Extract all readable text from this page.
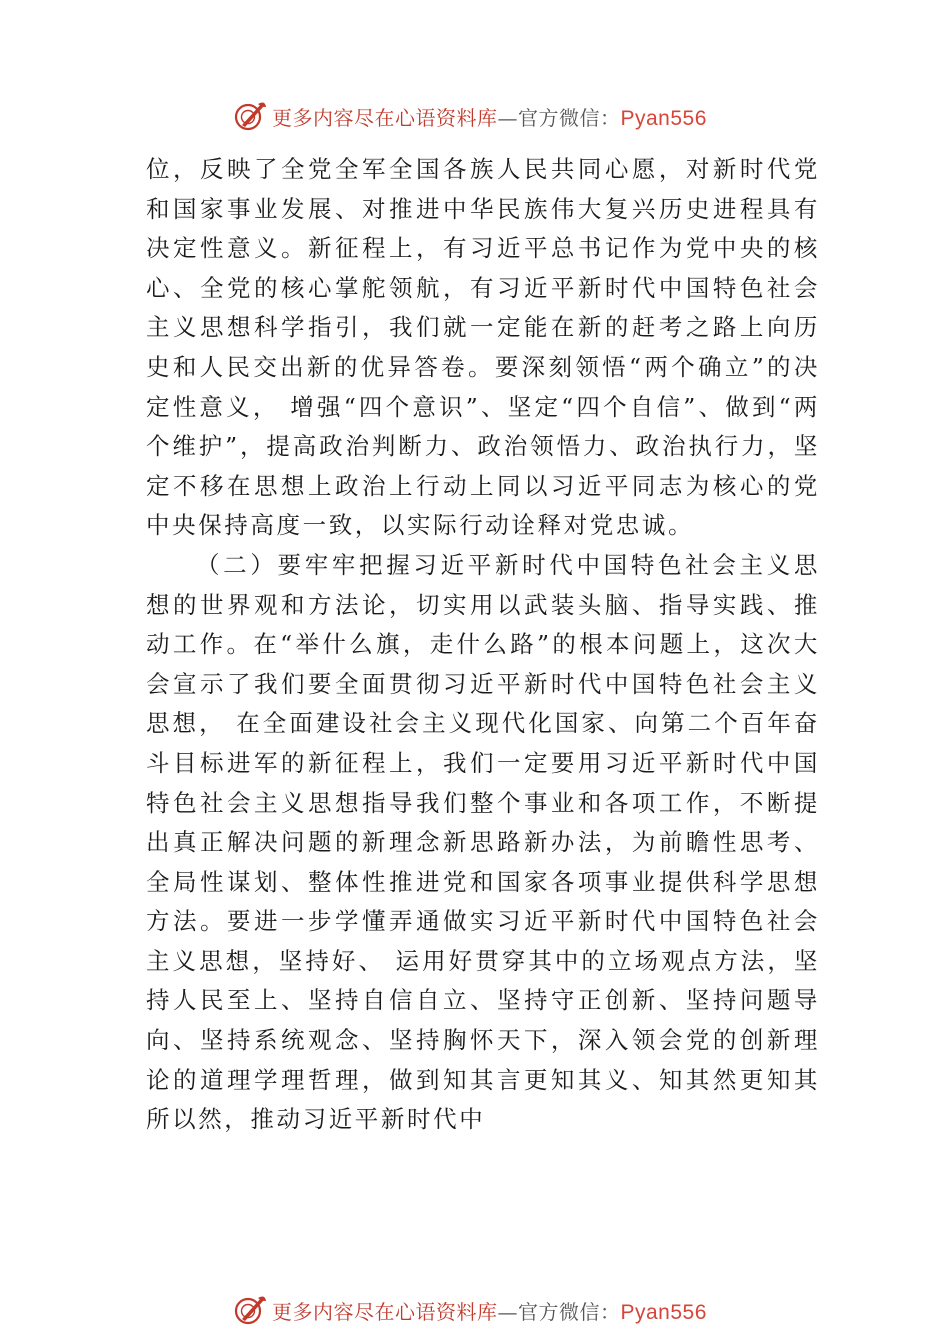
更多内容尽在心语资料库—官方微信：Pyan556

位，反映了全党全军全国各族人民共同心愿，对新时代党和国家事业发展、对推进中华民族伟大复兴历史进程具有决定性意义。新征程上，有习近平总书记作为党中央的核心、全党的核心掌舵领航，有习近平新时代中国特色社会主义思想科学指引，我们就一定能在新的赶考之路上向历史和人民交出新的优异答卷。要深刻领悟“两个确立”的决定性意义， 增强“四个意识”、坚定“四个自信”、做到“两个维护”，提高政治判断力、政治领悟力、政治执行力，坚定不移在思想上政治上行动上同以习近平同志为核心的党中央保持高度一致，以实际行动诠释对党忠诚。

（二）要牢牢把握习近平新时代中国特色社会主义思想的世界观和方法论，切实用以武装头脑、指导实践、推动工作。在“举什么旗，走什么路”的根本问题上，这次大会宣示了我们要全面贯彻习近平新时代中国特色社会主义思想， 在全面建设社会主义现代化国家、向第二个百年奋斗目标进军的新征程上，我们一定要用习近平新时代中国特色社会主义思想指导我们整个事业和各项工作，不断提出真正解决问题的新理念新思路新办法，为前瞻性思考、全局性谋划、整体性推进党和国家各项事业提供科学思想方法。要进一步学懂弄通做实习近平新时代中国特色社会主义思想，坚持好、 运用好贯穿其中的立场观点方法，坚持人民至上、坚持自信自立、坚持守正创新、坚持问题导向、坚持系统观念、坚持胸怀天下，深入领会党的创新理论的道理学理哲理，做到知其言更知其义、知其然更知其所以然，推动习近平新时代中

更多内容尽在心语资料库—官方微信：Pyan556
